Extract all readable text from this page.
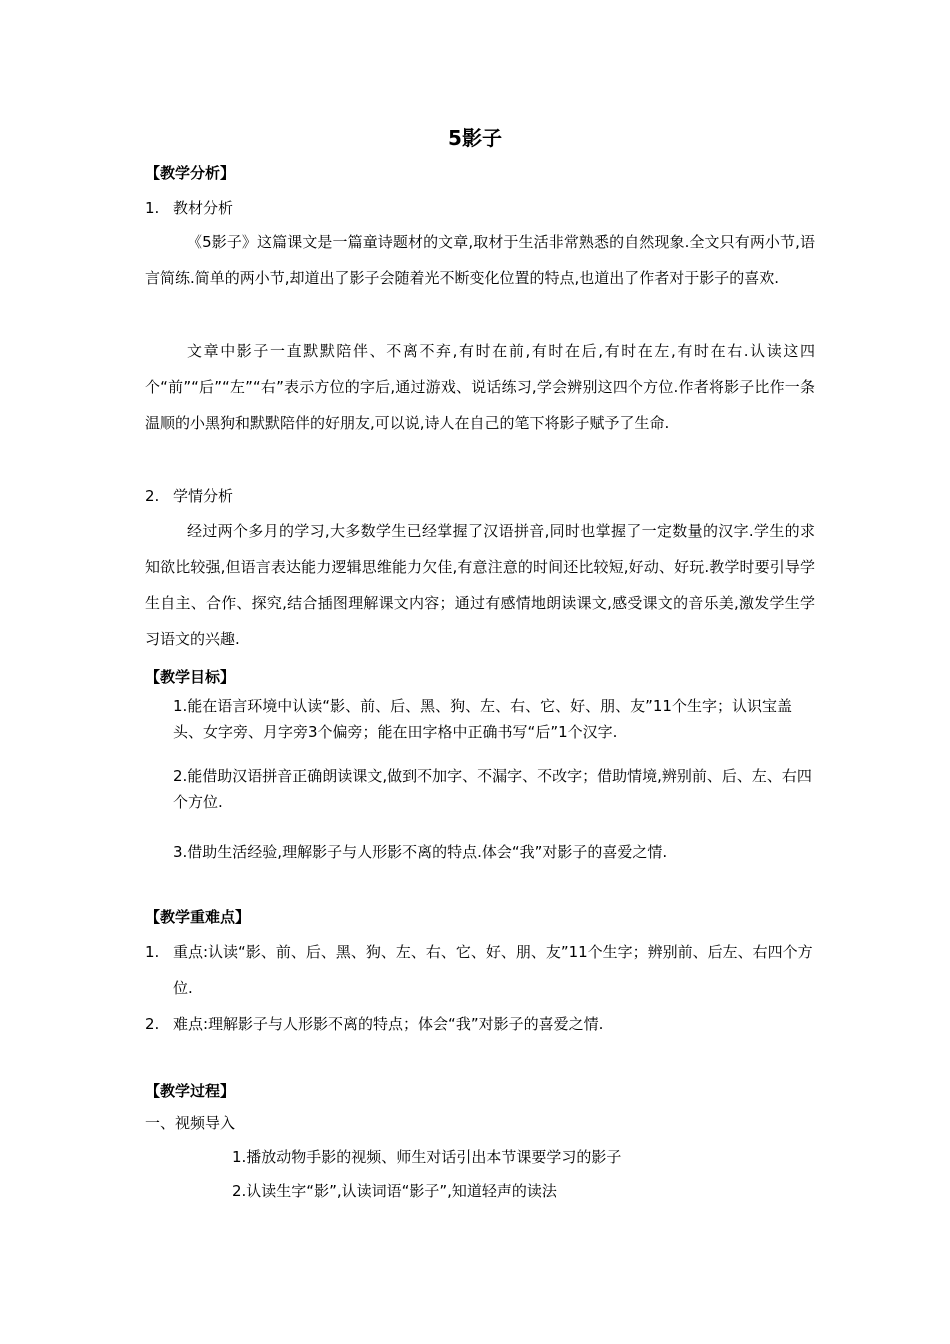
5影子
【教学分析】
1. 教材分析
《5影子》这篇课文是一篇童诗题材的文章,取材于生活非常熟悉的自然现象.全文只有两小节,语言简练.简单的两小节,却道出了影子会随着光不断变化位置的特点,也道出了作者对于影子的喜欢.
文章中影子一直默默陪伴、不离不弃,有时在前,有时在后,有时在左,有时在右.认读这四个“前”“后”“左”“右”表示方位的字后,通过游戏、说话练习,学会辨别这四个方位.作者将影子比作一条温顺的小黑狗和默默陪伴的好朋友,可以说,诗人在自己的笔下将影子赋予了生命.
2. 学情分析
经过两个多月的学习,大多数学生已经掌握了汉语拼音,同时也掌握了一定数量的汉字.学生的求知欲比较强,但语言表达能力逻辑思维能力欠佳,有意注意的时间还比较短,好动、好玩.教学时要引导学生自主、合作、探究,结合插图理解课文内容；通过有感情地朗读课文,感受课文的音乐美,激发学生学习语文的兴趣.
【教学目标】
1.能在语言环境中认读“影、前、后、黑、狗、左、右、它、好、朋、友”11个生字；认识宝盖头、女字旁、月字旁3个偏旁；能在田字格中正确书写“后”1个汉字.
2.能借助汉语拼音正确朗读课文,做到不加字、不漏字、不改字；借助情境,辨别前、后、左、右四个方位.
3.借助生活经验,理解影子与人形影不离的特点.体会“我”对影子的喜爱之情.
【教学重难点】
1. 重点:认读“影、前、后、黑、狗、左、右、它、好、朋、友”11个生字；辨别前、后左、右四个方位.
2. 难点:理解影子与人形影不离的特点；体会“我”对影子的喜爱之情.
【教学过程】
一、视频导入
1.播放动物手影的视频、师生对话引出本节课要学习的影子
2.认读生字“影”,认读词语“影子”,知道轻声的读法
